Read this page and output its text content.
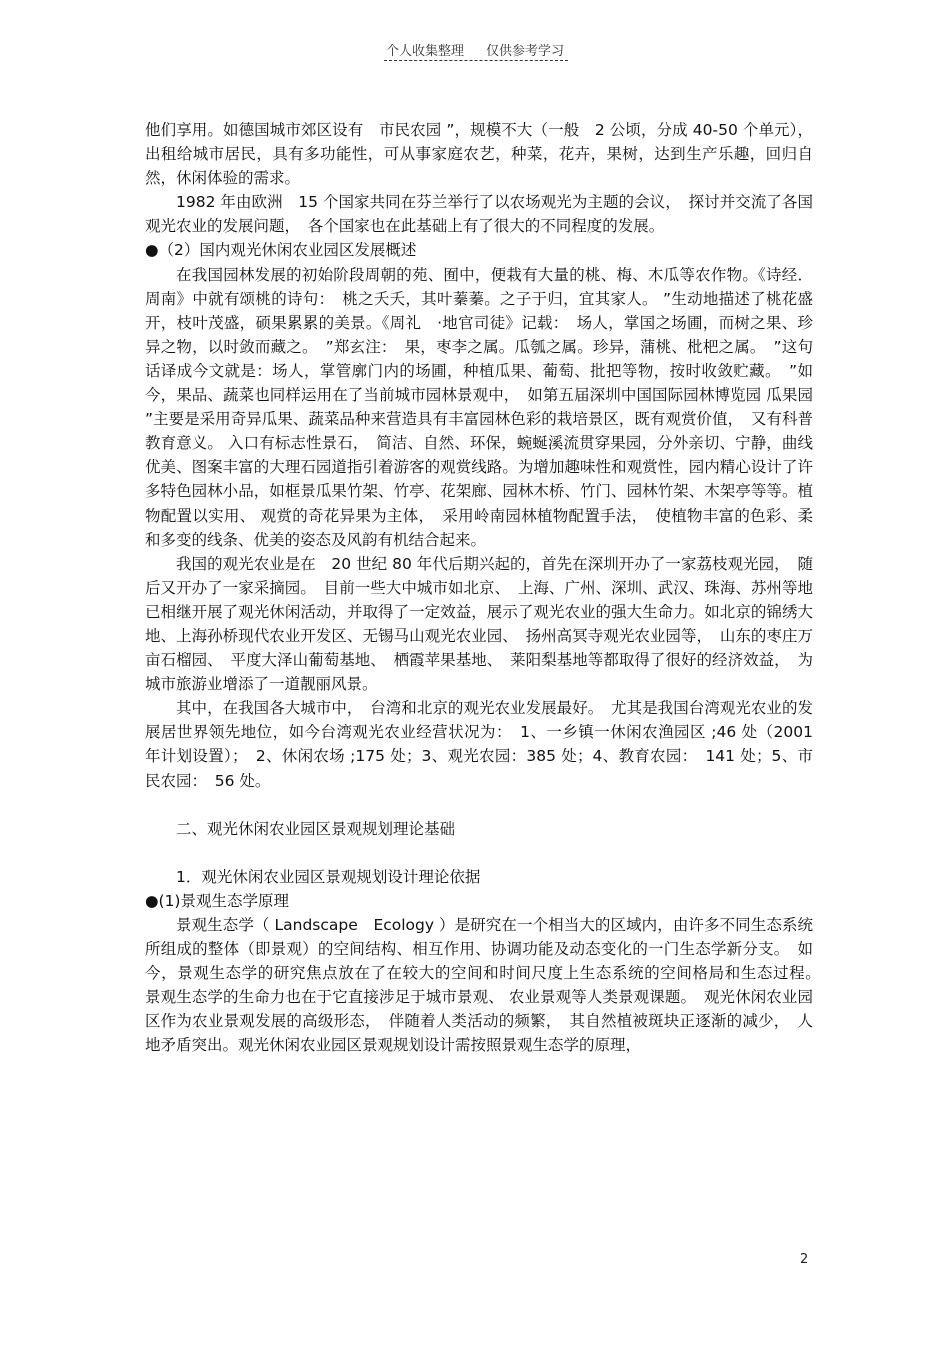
个人收集整理 仅供参考学习

他们享用。如德国城市郊区设有　市民农园 ”，规模不大（一般　2 公顷，分成 40-50 个单元），出租给城市居民，具有多功能性，可从事家庭农艺，种菜，花卉，果树，达到生产乐趣，回归自然，休闲体验的需求。

1982 年由欧洲　15 个国家共同在芬兰举行了以农场观光为主题的会议，　探讨并交流了各国观光农业的发展问题，　各个国家也在此基础上有了很大的不同程度的发展。

●（2）国内观光休闲农业园区发展概述

在我国园林发展的初始阶段周朝的苑、囿中，便栽有大量的桃、梅、木瓜等农作物。《诗经．周南》中就有颂桃的诗句：　桃之夭夭，其叶蓁蓁。之子于归，宜其家人。 ”生动地描述了桃花盛开，枝叶茂盛，硕果累累的美景。《周礼　·地官司徒》记载：　场人，掌国之场圃，而树之果、珍异之物，以时敛而藏之。　”郑玄注：　果，枣李之属。瓜瓠之属。珍异，蒲桃、枇杷之属。　”这句话译成今文就是：场人，掌管廓门内的场圃，种植瓜果、葡萄、批把等物，按时收敛贮藏。　”如今，果品、蔬菜也同样运用在了当前城市园林景观中，　如第五届深圳中国国际园林博览园 瓜果园 ”主要是采用奇异瓜果、蔬菜品种来营造具有丰富园林色彩的栽培景区，既有观赏价值，　又有科普教育意义。 入口有标志性景石，　简洁、自然、环保，蜿蜒溪流贯穿果园，分外亲切、宁静，曲线优美、图案丰富的大理石园道指引着游客的观赏线路。为增加趣味性和观赏性，园内精心设计了许多特色园林小品，如框景瓜果竹架、竹亭、花架廊、园林木桥、竹门、园林竹架、木架亭等等。植物配置以实用、 观赏的奇花异果为主体，　采用岭南园林植物配置手法，　使植物丰富的色彩、柔和多变的线条、优美的姿态及风韵有机结合起来。

我国的观光农业是在　20 世纪 80 年代后期兴起的，首先在深圳开办了一家荔枝观光园，　随后又开办了一家采摘园。　目前一些大中城市如北京、　上海、广州、深圳、武汉、珠海、苏州等地已相继开展了观光休闲活动，并取得了一定效益，展示了观光农业的强大生命力。如北京的锦绣大地、上海孙桥现代农业开发区、无锡马山观光农业园、　扬州高冥寺观光农业园等，　山东的枣庄万亩石榴园、　平度大泽山葡萄基地、　栖霞苹果基地、　莱阳梨基地等都取得了很好的经济效益，　为城市旅游业增添了一道靓丽风景。

其中，在我国各大城市中，　台湾和北京的观光农业发展最好。　尤其是我国台湾观光农业的发展居世界领先地位，如今台湾观光农业经营状况为：　1、一乡镇一休闲农渔园区 ;46 处（2001　年计划设置）；　2、休闲农场 ;175 处；3、观光农园：385 处；4、教育农园：　141 处；5、市民农园：　56 处。

二、观光休闲农业园区景观规划理论基础

1．观光休闲农业园区景观规划设计理论依据

●(1)景观生态学原理

景观生态学（ Landscape　Ecology ）是研究在一个相当大的区域内，由许多不同生态系统所组成的整体（即景观）的空间结构、相互作用、协调功能及动态变化的一门生态学新分支。　如今，景观生态学的研究焦点放在了在较大的空间和时间尺度上生态系统的空间格局和生态过程。　景观生态学的生命力也在于它直接涉足于城市景观、 农业景观等人类景观课题。　观光休闲农业园区作为农业景观发展的高级形态，　伴随着人类活动的频繁，　其自然植被斑块正逐渐的减少，　人地矛盾突出。观光休闲农业园区景观规划设计需按照景观生态学的原理，

2
